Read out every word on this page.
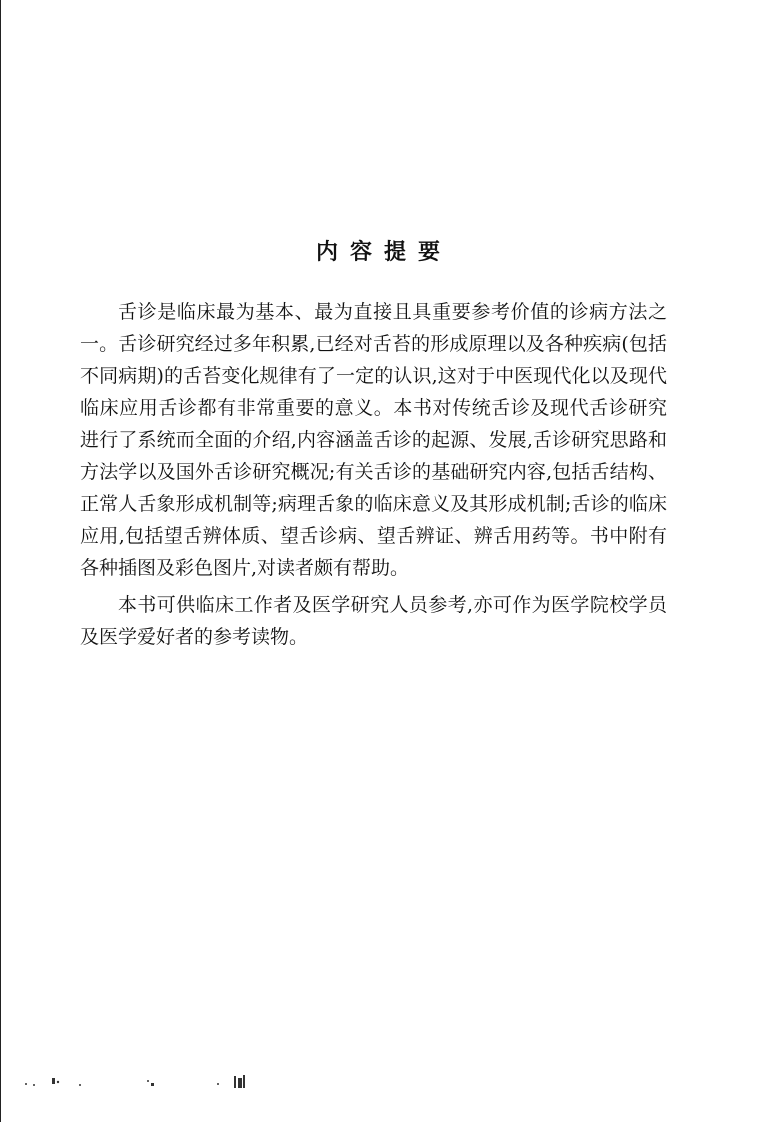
内容提要

舌诊是临床最为基本、最为直接且具重要参考价值的诊病方法之一。舌诊研究经过多年积累,已经对舌苔的形成原理以及各种疾病(包括不同病期)的舌苔变化规律有了一定的认识,这对于中医现代化以及现代临床应用舌诊都有非常重要的意义。本书对传统舌诊及现代舌诊研究进行了系统而全面的介绍,内容涵盖舌诊的起源、发展,舌诊研究思路和方法学以及国外舌诊研究概况;有关舌诊的基础研究内容,包括舌结构、正常人舌象形成机制等;病理舌象的临床意义及其形成机制;舌诊的临床应用,包括望舌辨体质、望舌诊病、望舌辨证、辨舌用药等。书中附有各种插图及彩色图片,对读者颇有帮助。

本书可供临床工作者及医学研究人员参考,亦可作为医学院校学员及医学爱好者的参考读物。
